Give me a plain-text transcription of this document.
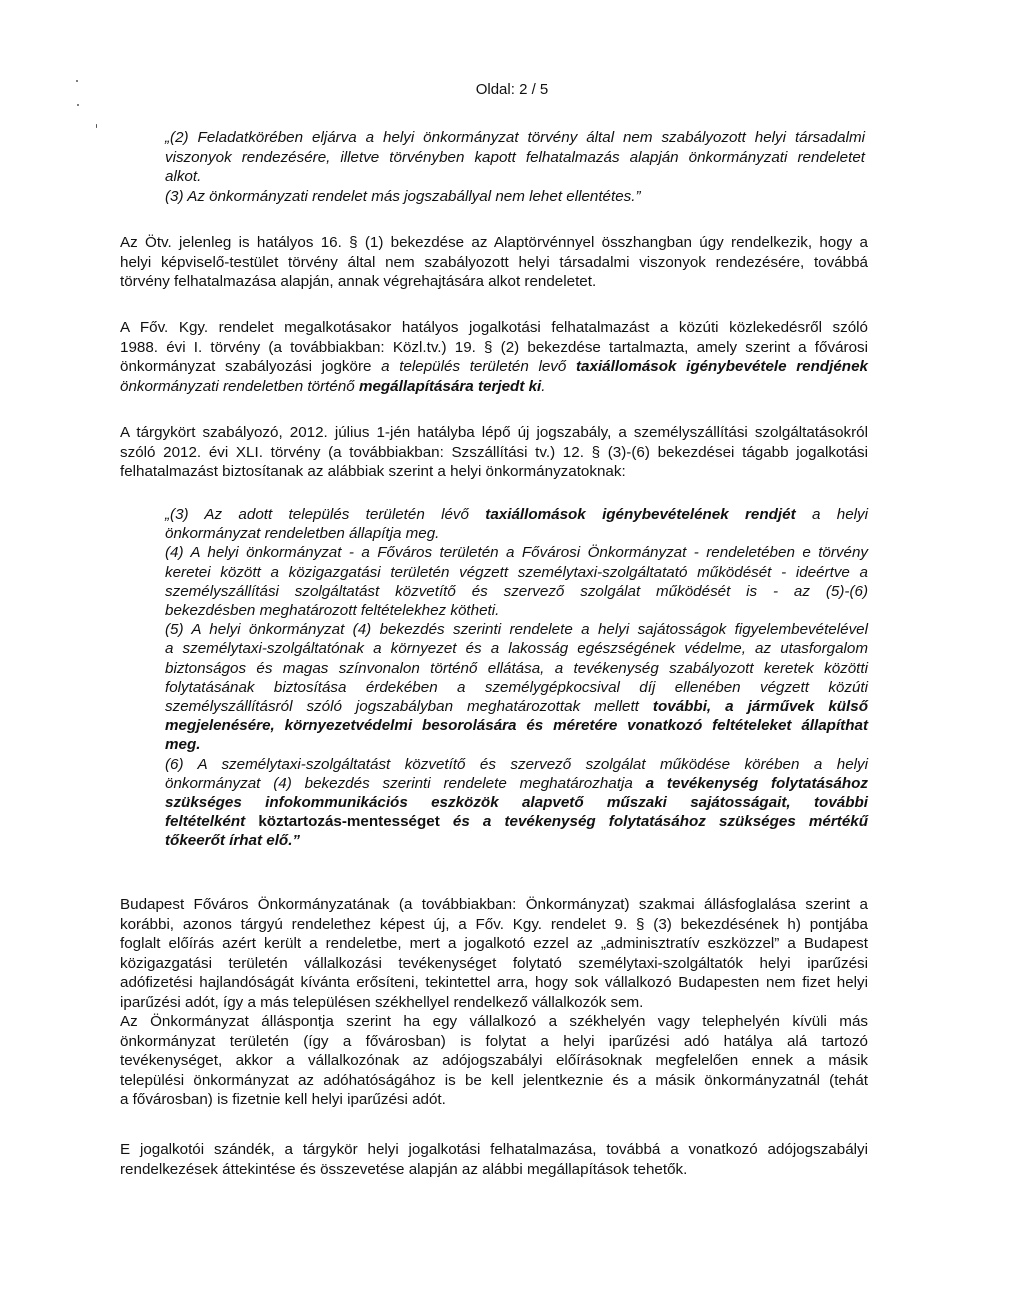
Oldal: 2 / 5
„(2) Feladatkörében eljárva a helyi önkormányzat törvény által nem szabályozott helyi társadalmi
viszonyok rendezésére, illetve törvényben kapott felhatalmazás alapján önkormányzati rendeletet
alkot.
(3) Az önkormányzati rendelet más jogszabállyal nem lehet ellentétes.”
Az Ötv. jelenleg is hatályos 16. § (1) bekezdése az Alaptörvénnyel összhangban úgy rendelkezik, hogy a
helyi képviselő-testület törvény által nem szabályozott helyi társadalmi viszonyok rendezésére, továbbá
törvény felhatalmazása alapján, annak végrehajtására alkot rendeletet.
A Főv. Kgy. rendelet megalkotásakor hatályos jogalkotási felhatalmazást a közúti közlekedésről szóló
1988. évi I. törvény (a továbbiakban: Közl.tv.) 19. § (2) bekezdése tartalmazta, amely szerint a fővárosi
önkormányzat szabályozási jogköre a település területén levő taxiállomások igénybevétele rendjének
önkormányzati rendeletben történő megállapítására terjedt ki.
A tárgykört szabályozó, 2012. július 1-jén hatályba lépő új jogszabály, a személyszállítási szolgáltatásokról
szóló 2012. évi XLI. törvény (a továbbiakban: Szszállítási tv.) 12. § (3)-(6) bekezdései tágabb jogalkotási
felhatalmazást biztosítanak az alábbiak szerint a helyi önkormányzatoknak:
„(3) Az adott település területén lévő taxiállomások igénybevételének rendjét a helyi
önkormányzat rendeletben állapítja meg.
(4) A helyi önkormányzat - a Főváros területén a Fővárosi Önkormányzat - rendeletében e törvény
keretei között a közigazgatási területén végzett személytaxi-szolgáltatató működését - ideértve a
személyszállítási szolgáltatást közvetítő és szervező szolgálat működését is - az (5)-(6)
bekezdésben meghatározott feltételekhez kötheti.
(5) A helyi önkormányzat (4) bekezdés szerinti rendelete a helyi sajátosságok figyelembevételével
a személytaxi-szolgáltatónak a környezet és a lakosság egészségének védelme, az utasforgalom
biztonságos és magas színvonalon történő ellátása, a tevékenység szabályozott keretek közötti
folytatásának biztosítása érdekében a személygépkocsival díj ellenében végzett közúti
személyszállításról szóló jogszabályban meghatározottak mellett további, a járművek külső
megjelenésére, környezetvédelmi besorolására és méretére vonatkozó feltételeket állapíthat
meg.
(6) A személytaxi-szolgáltatást közvetítő és szervező szolgálat működése körében a helyi
önkormányzat (4) bekezdés szerinti rendelete meghatározhatja a tevékenység folytatásához
szükséges infokommunikációs eszközök alapvető műszaki sajátosságait, további
feltételként köztartozás-mentességet és a tevékenység folytatásához szükséges mértékű
tőkeerőt írhat elő.”
Budapest Főváros Önkormányzatának (a továbbiakban: Önkormányzat) szakmai állásfoglalása szerint a
korábbi, azonos tárgyú rendelethez képest új, a Főv. Kgy. rendelet 9. § (3) bekezdésének h) pontjába
foglalt előírás azért került a rendeletbe, mert a jogalkotó ezzel az „adminisztratív eszközzel” a Budapest
közigazgatási területén vállalkozási tevékenységet folytató személytaxi-szolgáltatók helyi iparűzési
adófizetési hajlandóságát kívánta erősíteni, tekintettel arra, hogy sok vállalkozó Budapesten nem fizet helyi
iparűzési adót, így a más településen székhellyel rendelkező vállalkozók sem.
Az Önkormányzat álláspontja szerint ha egy vállalkozó a székhelyén vagy telephelyén kívüli más
önkormányzat területén (így a fővárosban) is folytat a helyi iparűzési adó hatálya alá tartozó
tevékenységet, akkor a vállalkozónak az adójogszabályi előírásoknak megfelelően ennek a másik
települési önkormányzat az adóhatóságához is be kell jelentkeznie és a másik önkormányzatnál (tehát
a fővárosban) is fizetnie kell helyi iparűzési adót.
E jogalkotói szándék, a tárgykör helyi jogalkotási felhatalmazása, továbbá a vonatkozó adójogszabályi
rendelkezések áttekintése és összevetése alapján az alábbi megállapítások tehetők.
